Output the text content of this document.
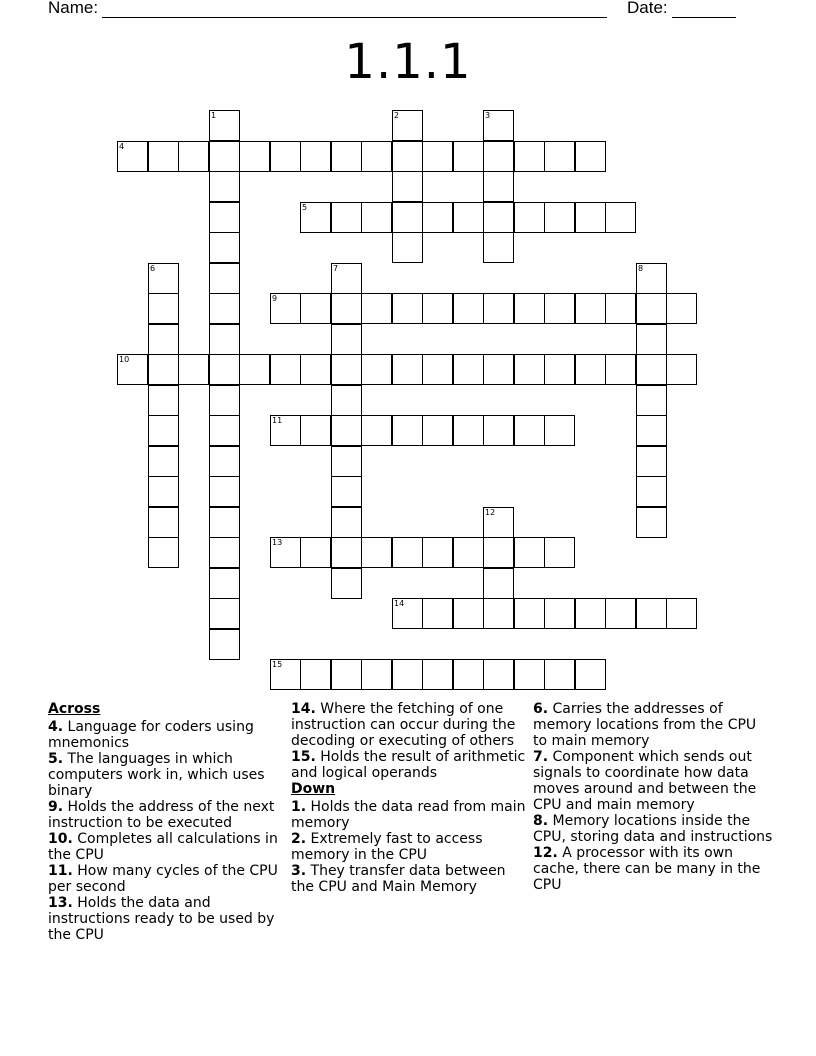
Name:	Date:
1.1.1
1	2	3
4
5
6	7	8
9
10
11
12
13
14
15
Across
4. Language for coders using mnemonics
5. The languages in which computers work in, which uses binary
9. Holds the address of the next instruction to be executed
10. Completes all calculations in the CPU
11. How many cycles of the CPU per second
13. Holds the data and instructions ready to be used by the CPU
14. Where the fetching of one instruction can occur during the decoding or executing of others
15. Holds the result of arithmetic and logical operands
Down
1. Holds the data read from main memory
2. Extremely fast to access memory in the CPU
3. They transfer data between the CPU and Main Memory
6. Carries the addresses of memory locations from the CPU to main memory
7. Component which sends out signals to coordinate how data moves around and between the CPU and main memory
8. Memory locations inside the CPU, storing data and instructions
12. A processor with its own cache, there can be many in the CPU
